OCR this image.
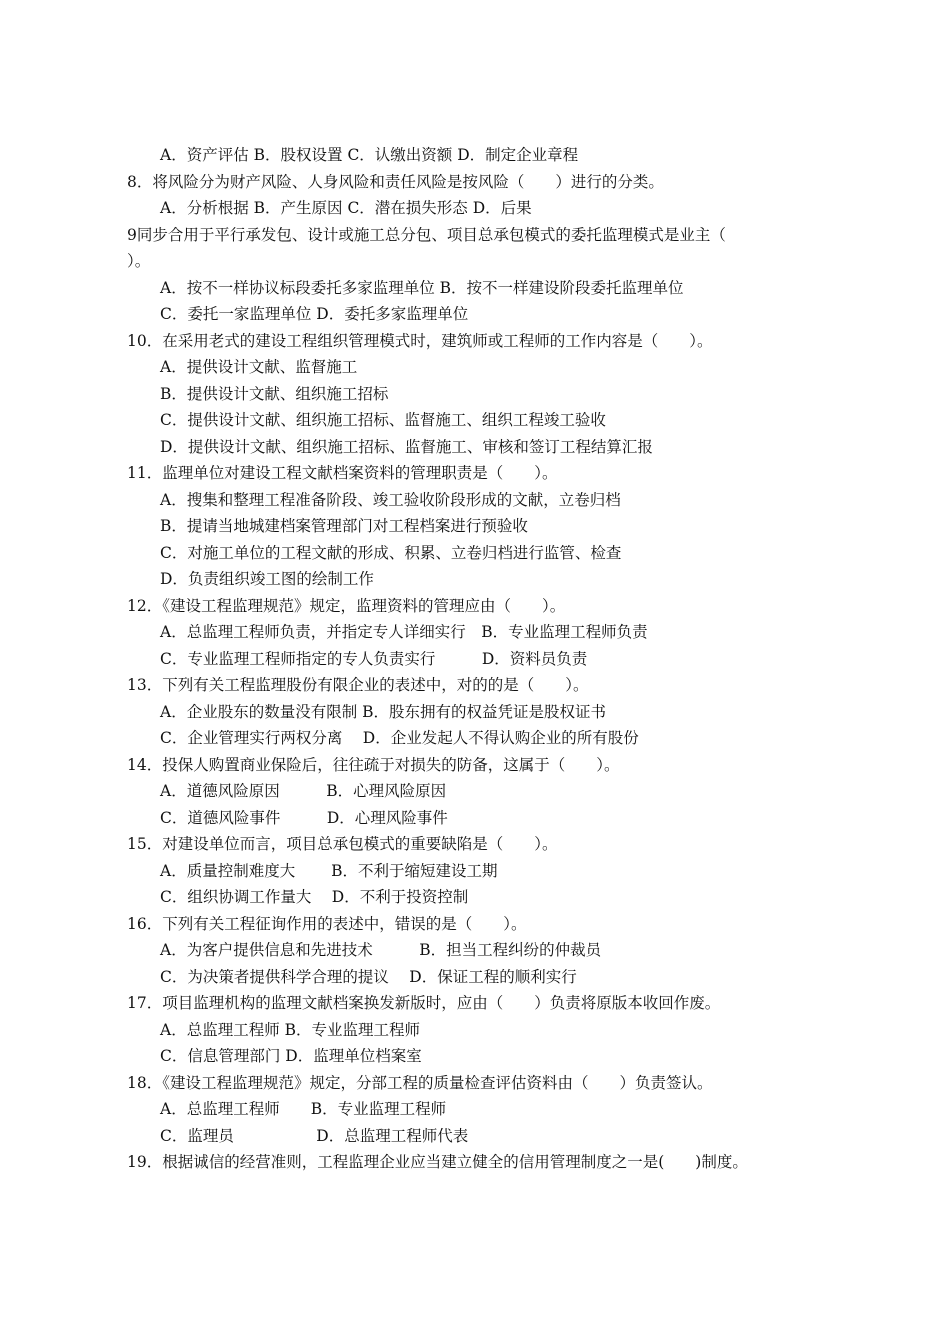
A．资产评估 B．股权设置 C．认缴出资额 D．制定企业章程
8．将风险分为财产风险、人身风险和责任风险是按风险（　　）进行的分类。
A．分析根据 B．产生原因 C．潜在损失形态 D．后果
9同步合用于平行承发包、设计或施工总分包、项目总承包模式的委托监理模式是业主（
）。
A．按不一样协议标段委托多家监理单位 B．按不一样建设阶段委托监理单位
C．委托一家监理单位 D．委托多家监理单位
10．在采用老式的建设工程组织管理模式时，建筑师或工程师的工作内容是（　　）。
A．提供设计文献、监督施工
B．提供设计文献、组织施工招标
C．提供设计文献、组织施工招标、监督施工、组织工程竣工验收
D．提供设计文献、组织施工招标、监督施工、审核和签订工程结算汇报
11．监理单位对建设工程文献档案资料的管理职责是（　　）。
A．搜集和整理工程准备阶段、竣工验收阶段形成的文献，立卷归档
B．提请当地城建档案管理部门对工程档案进行预验收
C．对施工单位的工程文献的形成、积累、立卷归档进行监管、检查
D．负责组织竣工图的绘制工作
12．《建设工程监理规范》规定，监理资料的管理应由（　　）。
A．总监理工程师负责，并指定专人详细实行　B．专业监理工程师负责
C．专业监理工程师指定的专人负责实行　　　D．资料员负责
13．下列有关工程监理股份有限企业的表述中，对的的是（　　）。
A．企业股东的数量没有限制 B．股东拥有的权益凭证是股权证书
C．企业管理实行两权分离　 D．企业发起人不得认购企业的所有股份
14．投保人购置商业保险后，往往疏于对损失的防备，这属于（　　）。
A．道德风险原因　　　B．心理风险原因
C．道德风险事件　　　D．心理风险事件
15．对建设单位而言，项目总承包模式的重要缺陷是（　　）。
A．质量控制难度大　　 B．不利于缩短建设工期
C．组织协调工作量大　 D．不利于投资控制
16．下列有关工程征询作用的表述中，错误的是（　　）。
A．为客户提供信息和先进技术　　　B．担当工程纠纷的仲裁员
C．为决策者提供科学合理的提议　 D．保证工程的顺利实行
17．项目监理机构的监理文献档案换发新版时，应由（　　）负责将原版本收回作废。
A．总监理工程师 B．专业监理工程师
C．信息管理部门 D．监理单位档案室
18．《建设工程监理规范》规定，分部工程的质量检查评估资料由（　　）负责签认。
A．总监理工程师　　B．专业监理工程师
C．监理员　　　　　 D．总监理工程师代表
19．根据诚信的经营准则，工程监理企业应当建立健全的信用管理制度之一是(　　)制度。
